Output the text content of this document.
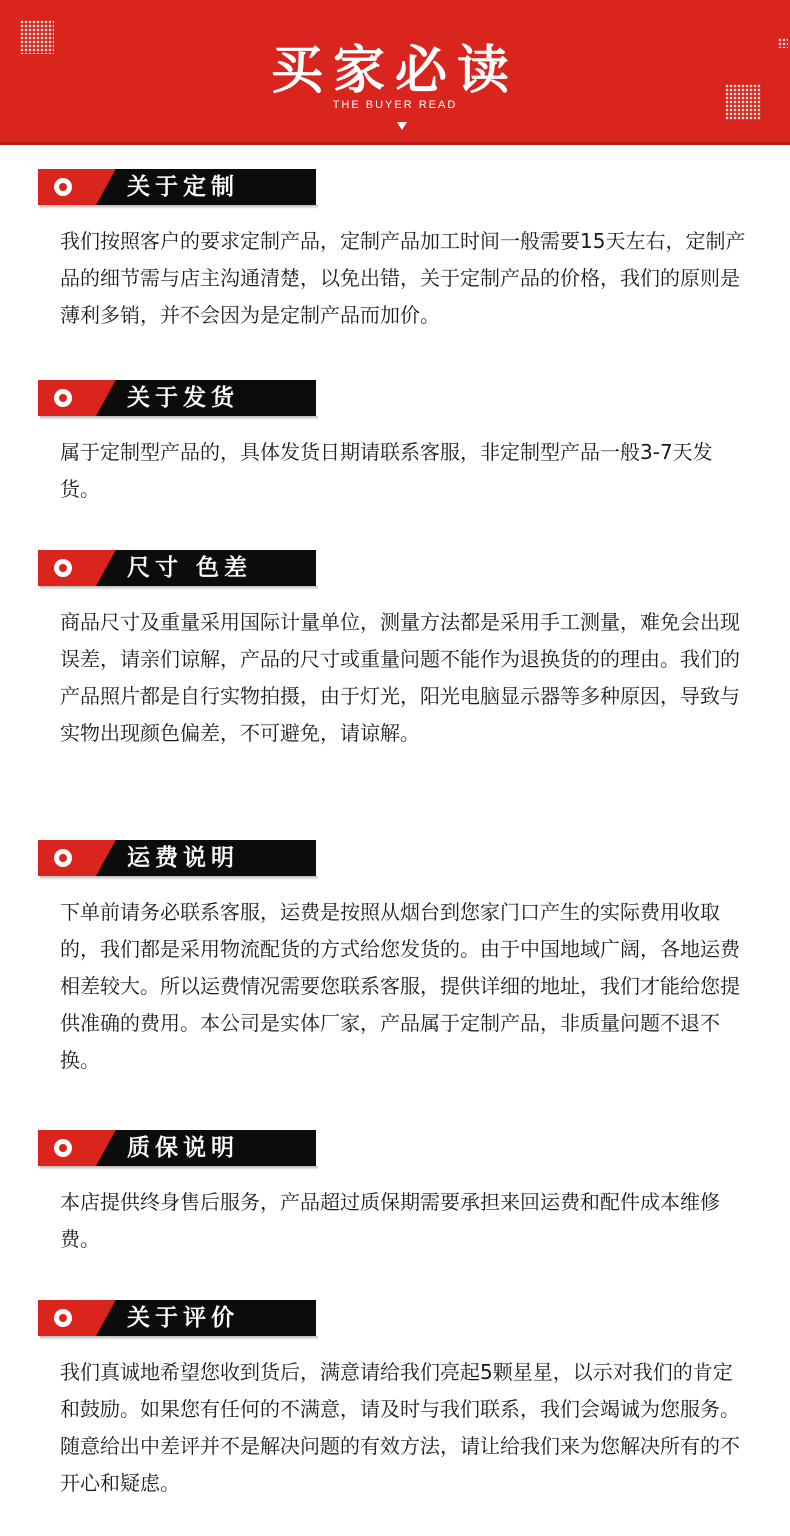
买家必读
THE BUYER READ
关于定制
我们按照客户的要求定制产品，定制产品加工时间一般需要15天左右，定制产品的细节需与店主沟通清楚，以免出错，关于定制产品的价格，我们的原则是薄利多销，并不会因为是定制产品而加价。
关于发货
属于定制型产品的，具体发货日期请联系客服，非定制型产品一般3-7天发货。
尺寸 色差
商品尺寸及重量采用国际计量单位，测量方法都是采用手工测量，难免会出现误差，请亲们谅解，产品的尺寸或重量问题不能作为退换货的的理由。我们的产品照片都是自行实物拍摄，由于灯光，阳光电脑显示器等多种原因，导致与实物出现颜色偏差，不可避免，请谅解。
运费说明
下单前请务必联系客服，运费是按照从烟台到您家门口产生的实际费用收取的，我们都是采用物流配货的方式给您发货的。由于中国地域广阔，各地运费相差较大。所以运费情况需要您联系客服，提供详细的地址，我们才能给您提供准确的费用。本公司是实体厂家，产品属于定制产品，非质量问题不退不换。
质保说明
本店提供终身售后服务，产品超过质保期需要承担来回运费和配件成本维修费。
关于评价
我们真诚地希望您收到货后，满意请给我们亮起5颗星星，以示对我们的肯定和鼓励。如果您有任何的不满意，请及时与我们联系，我们会竭诚为您服务。随意给出中差评并不是解决问题的有效方法，请让给我们来为您解决所有的不开心和疑虑。
